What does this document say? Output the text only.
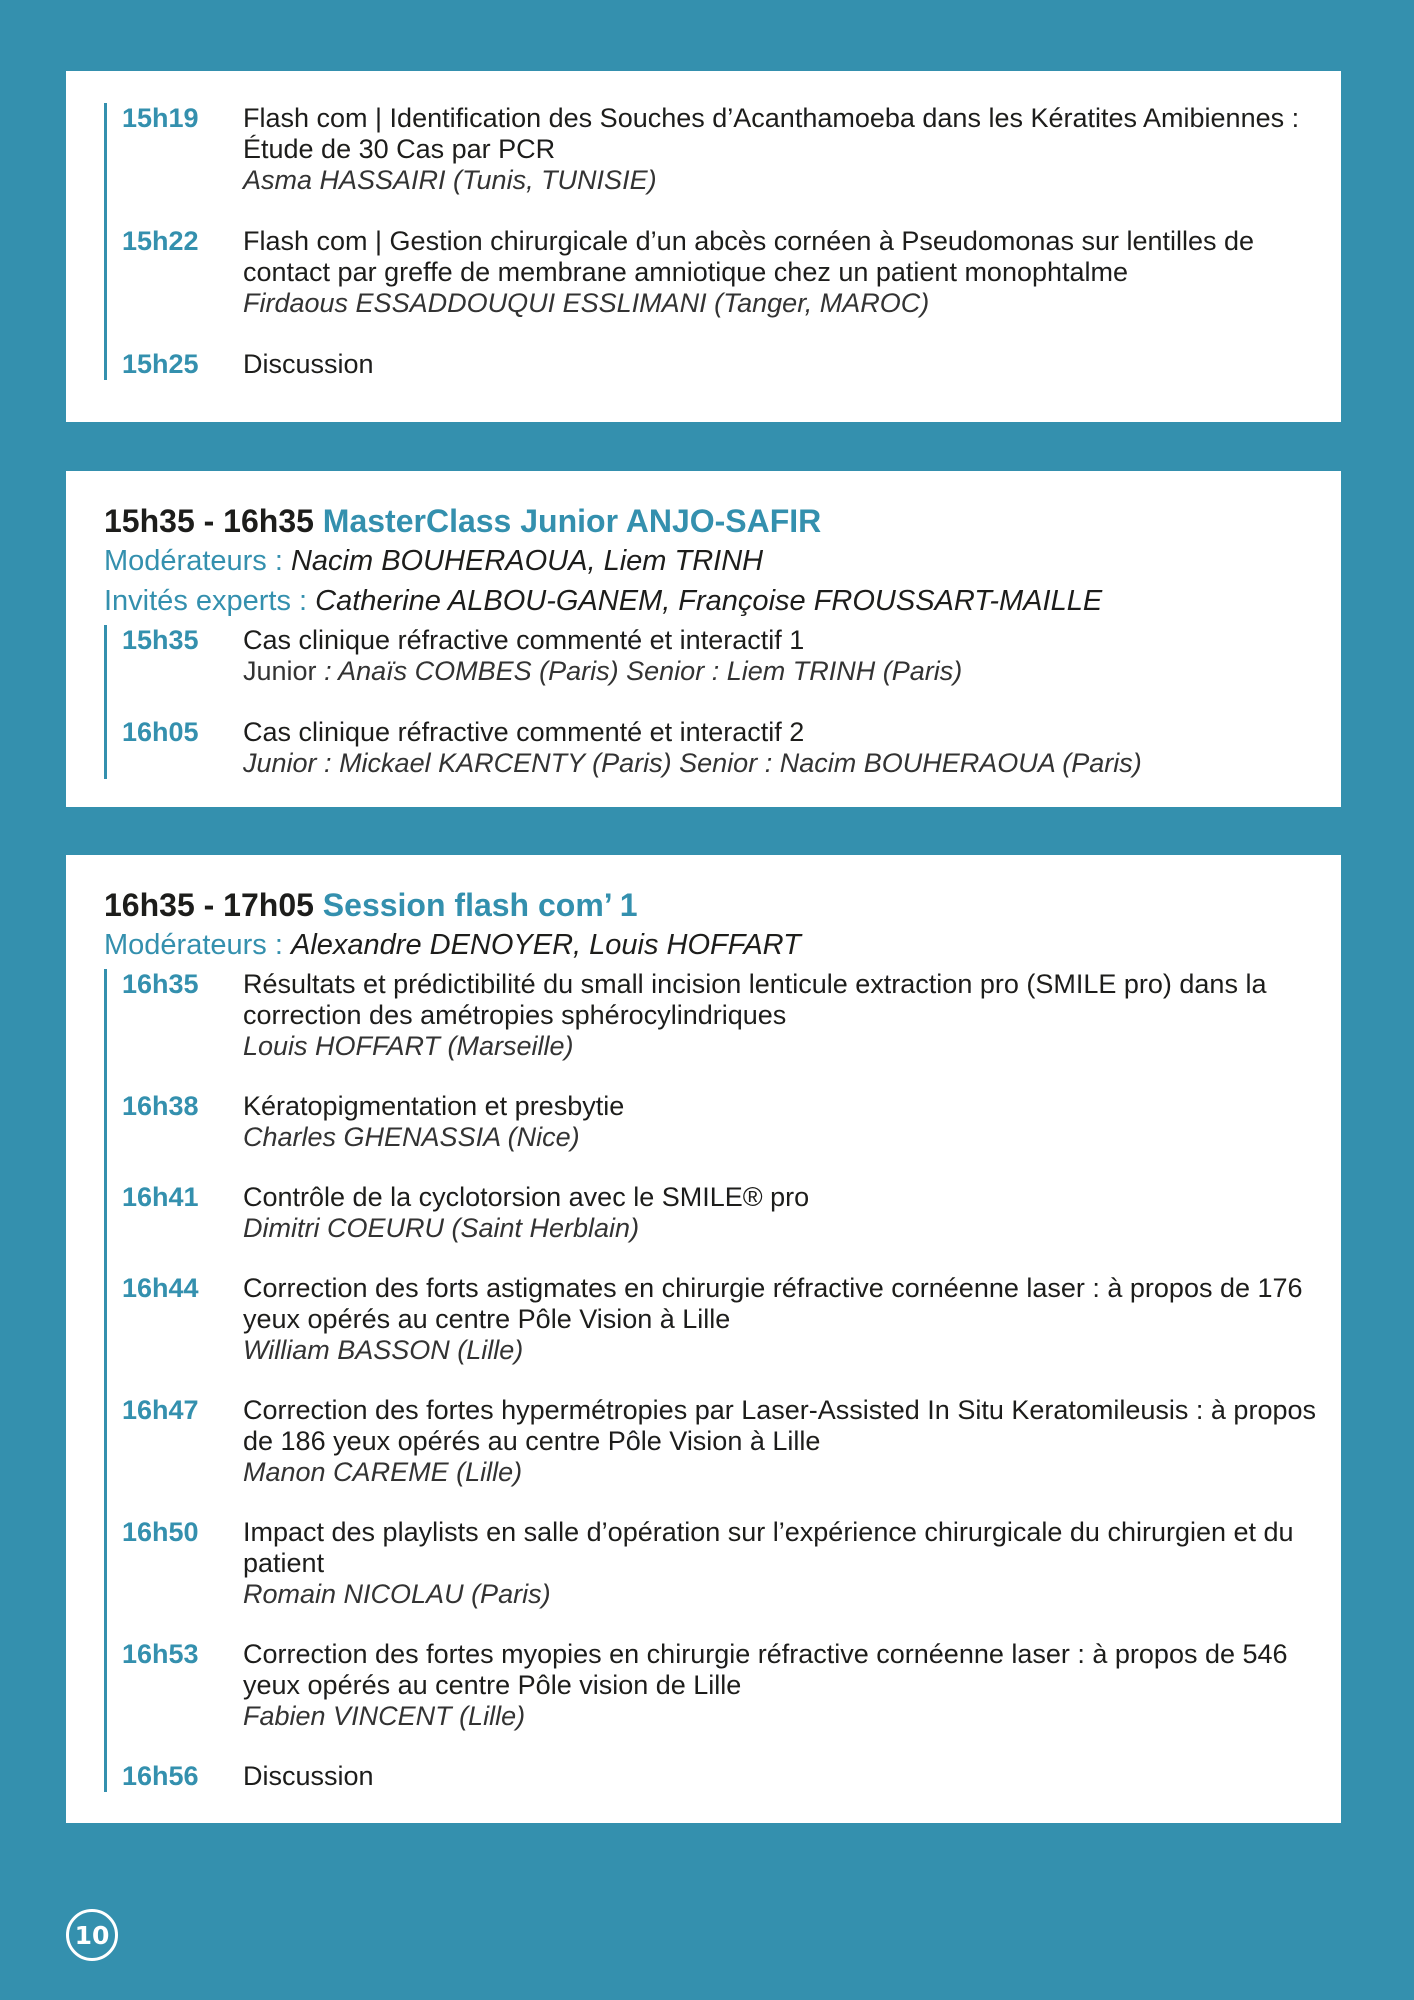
15h19	Flash com | Identification des Souches d’Acanthamoeba dans les Kératites Amibiennes : Étude de 30 Cas par PCR
Asma HASSAIRI (Tunis, TUNISIE)
15h22	Flash com | Gestion chirurgicale d’un abcès cornéen à Pseudomonas sur lentilles de contact par greffe de membrane amniotique chez un patient monophtalme
Firdaous ESSADDOUQUI ESSLIMANI (Tanger, MAROC)
15h25	Discussion
15h35 - 16h35 MasterClass Junior ANJO-SAFIR
Modérateurs : Nacim BOUHERAOUA, Liem TRINH
Invités experts : Catherine ALBOU-GANEM, Françoise FROUSSART-MAILLE
15h35	Cas clinique réfractive commenté et interactif 1
Junior : Anaïs COMBES (Paris) Senior : Liem TRINH (Paris)
16h05	Cas clinique réfractive commenté et interactif 2
Junior : Mickael KARCENTY (Paris) Senior : Nacim BOUHERAOUA (Paris)
16h35 - 17h05 Session flash com’ 1
Modérateurs : Alexandre DENOYER, Louis HOFFART
16h35	Résultats et prédictibilité du small incision lenticule extraction pro (SMILE pro) dans la correction des amétropies sphérocylindriques
Louis HOFFART (Marseille)
16h38	Kératopigmentation et presbytie
Charles GHENASSIA (Nice)
16h41	Contrôle de la cyclotorsion avec le SMILE® pro
Dimitri COEURU (Saint Herblain)
16h44	Correction des forts astigmates en chirurgie réfractive cornéenne laser : à propos de 176 yeux opérés au centre Pôle Vision à Lille
William BASSON (Lille)
16h47	Correction des fortes hypermétropies par Laser-Assisted In Situ Keratomileusis : à propos de 186 yeux opérés au centre Pôle Vision à Lille
Manon CAREME (Lille)
16h50	Impact des playlists en salle d’opération sur l’expérience chirurgicale du chirurgien et du patient
Romain NICOLAU (Paris)
16h53	Correction des fortes myopies en chirurgie réfractive cornéenne laser : à propos de 546 yeux opérés au centre Pôle vision de Lille
Fabien VINCENT (Lille)
16h56	Discussion
10
